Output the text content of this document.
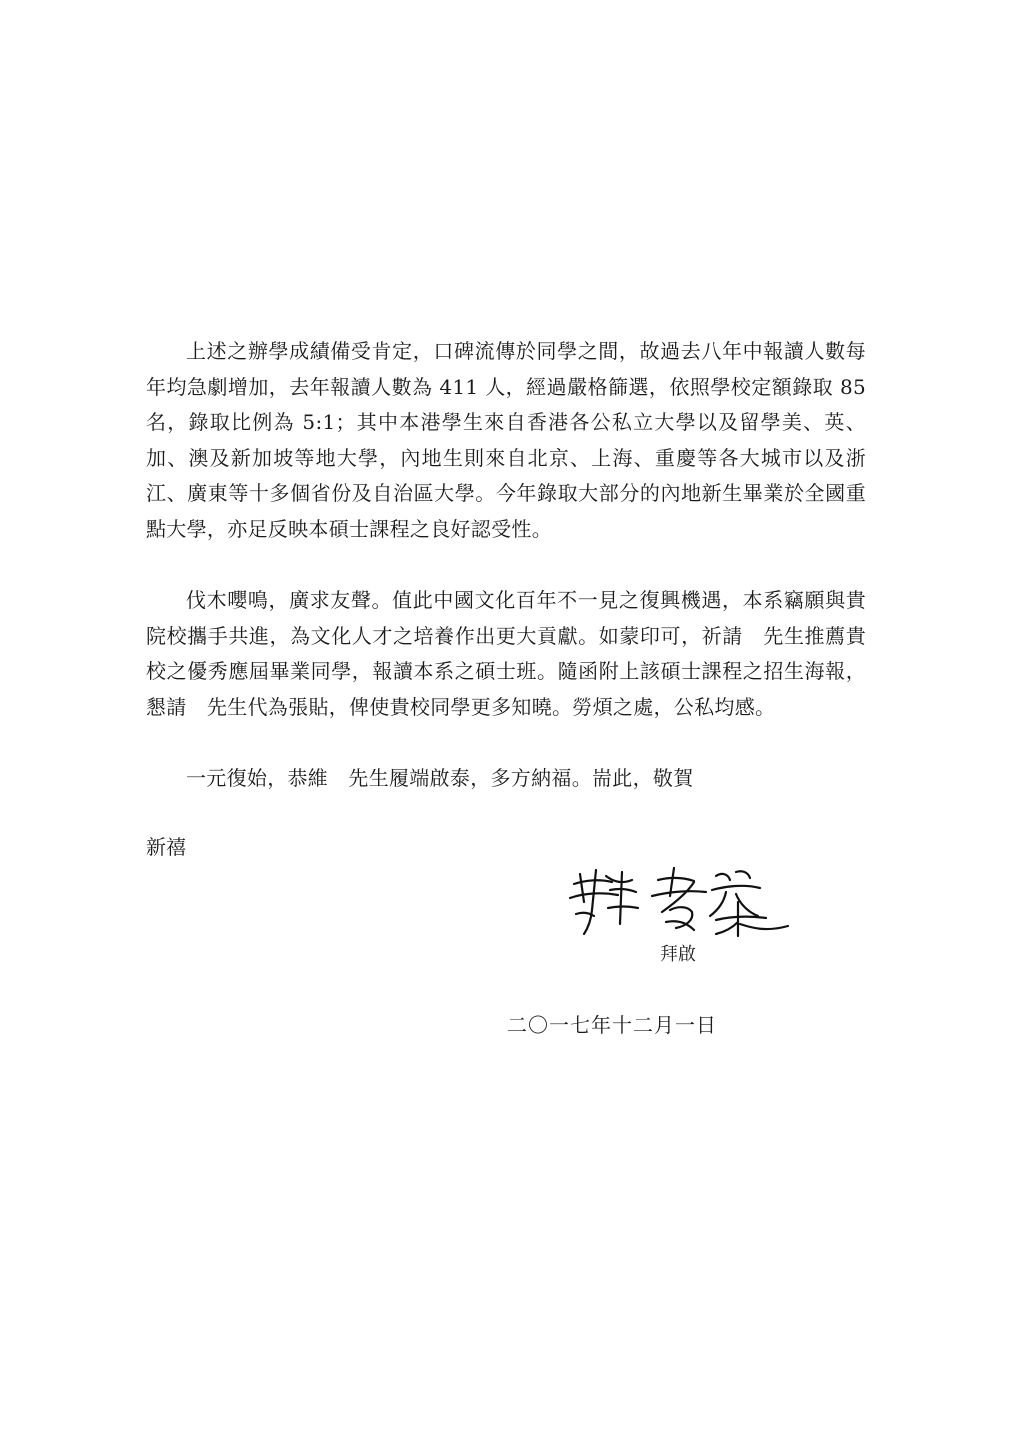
上述之辦學成績備受肯定，口碑流傳於同學之間，故過去八年中報讀人數每年均急劇增加，去年報讀人數為 411 人，經過嚴格篩選，依照學校定額錄取 85 名，錄取比例為 5:1；其中本港學生來自香港各公私立大學以及留學美、英、加、澳及新加坡等地大學，內地生則來自北京、上海、重慶等各大城市以及浙江、廣東等十多個省份及自治區大學。今年錄取大部分的內地新生畢業於全國重點大學，亦足反映本碩士課程之良好認受性。

伐木嚶鳴，廣求友聲。值此中國文化百年不一見之復興機遇，本系竊願與貴院校攜手共進，為文化人才之培養作出更大貢獻。如蒙印可，祈請　先生推薦貴校之優秀應屆畢業同學，報讀本系之碩士班。隨函附上該碩士課程之招生海報，懇請　先生代為張貼，俾使貴校同學更多知曉。勞煩之處，公私均感。

一元復始，恭維　先生履端啟泰，多方納福。耑此，敬賀

新禧

拜啟

二〇一七年十二月一日
